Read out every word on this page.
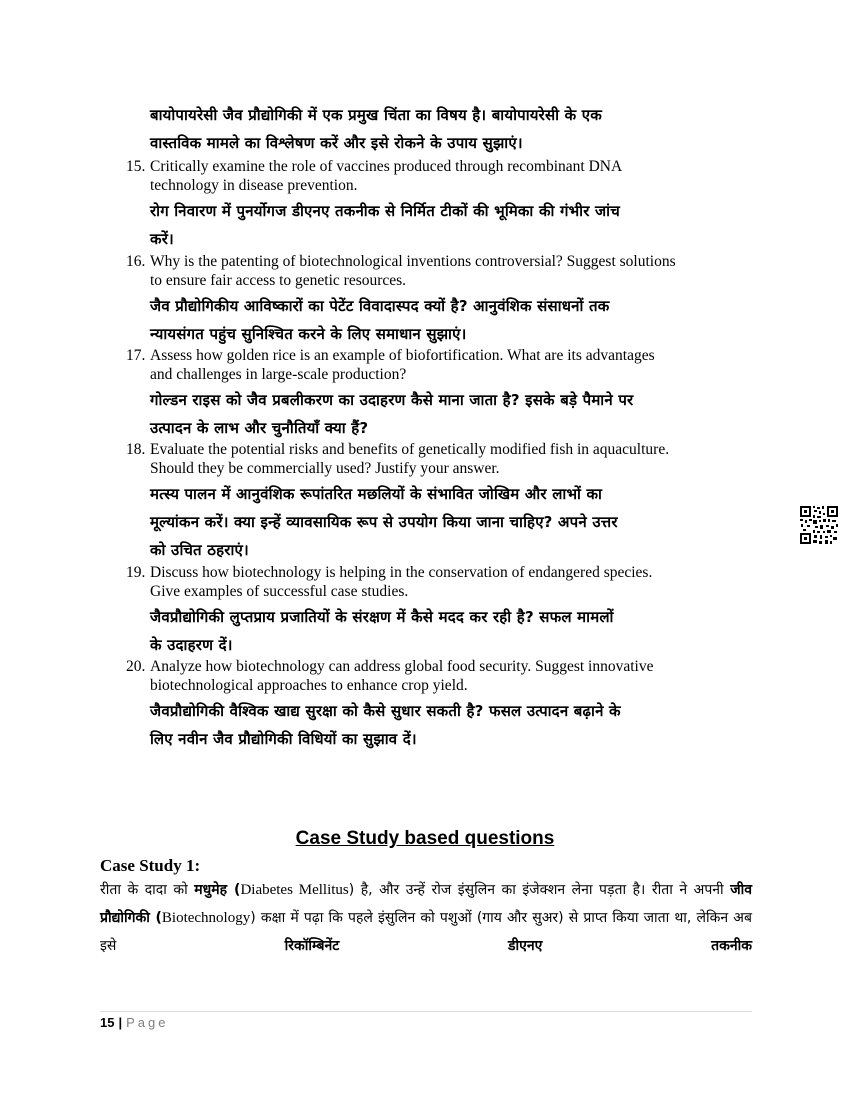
बायोपायरेसी जैव प्रौद्योगिकी में एक प्रमुख चिंता का विषय है। बायोपायरेसी के एक
वास्तविक मामले का विश्लेषण करें और इसे रोकने के उपाय सुझाएं।
15. Critically examine the role of vaccines produced through recombinant DNA
technology in disease prevention.
रोग निवारण में पुनर्योगज डीएनए तकनीक से निर्मित टीकों की भूमिका की गंभीर जांच
करें।
16. Why is the patenting of biotechnological inventions controversial? Suggest solutions
to ensure fair access to genetic resources.
जैव प्रौद्योगिकीय आविष्कारों का पेटेंट विवादास्पद क्यों है? आनुवंशिक संसाधनों तक
न्यायसंगत पहुंच सुनिश्चित करने के लिए समाधान सुझाएं।
17. Assess how golden rice is an example of biofortification. What are its advantages
and challenges in large-scale production?
गोल्डन राइस को जैव प्रबलीकरण का उदाहरण कैसे माना जाता है? इसके बड़े पैमाने पर
उत्पादन के लाभ और चुनौतियाँ क्या हैं?
18. Evaluate the potential risks and benefits of genetically modified fish in aquaculture.
Should they be commercially used? Justify your answer.
मत्स्य पालन में आनुवंशिक रूपांतरित मछलियों के संभावित जोखिम और लाभों का
मूल्यांकन करें। क्या इन्हें व्यावसायिक रूप से उपयोग किया जाना चाहिए? अपने उत्तर
को उचित ठहराएं।
19. Discuss how biotechnology is helping in the conservation of endangered species.
Give examples of successful case studies.
जैवप्रौद्योगिकी लुप्तप्राय प्रजातियों के संरक्षण में कैसे मदद कर रही है? सफल मामलों
के उदाहरण दें।
20. Analyze how biotechnology can address global food security. Suggest innovative
biotechnological approaches to enhance crop yield.
जैवप्रौद्योगिकी वैश्विक खाद्य सुरक्षा को कैसे सुधार सकती है? फसल उत्पादन बढ़ाने के
लिए नवीन जैव प्रौद्योगिकी विधियों का सुझाव दें।
Case Study based questions
Case Study 1:
रीता के दादा को मधुमेह (Diabetes Mellitus) है, और उन्हें रोज इंसुलिन का इंजेक्शन लेना पड़ता है। रीता ने अपनी जीव प्रौद्योगिकी (Biotechnology) कक्षा में पढ़ा कि पहले इंसुलिन को पशुओं (गाय और सुअर) से प्राप्त किया जाता था, लेकिन अब इसे रिकॉम्बिनेंट डीएनए तकनीक
15 | Page
